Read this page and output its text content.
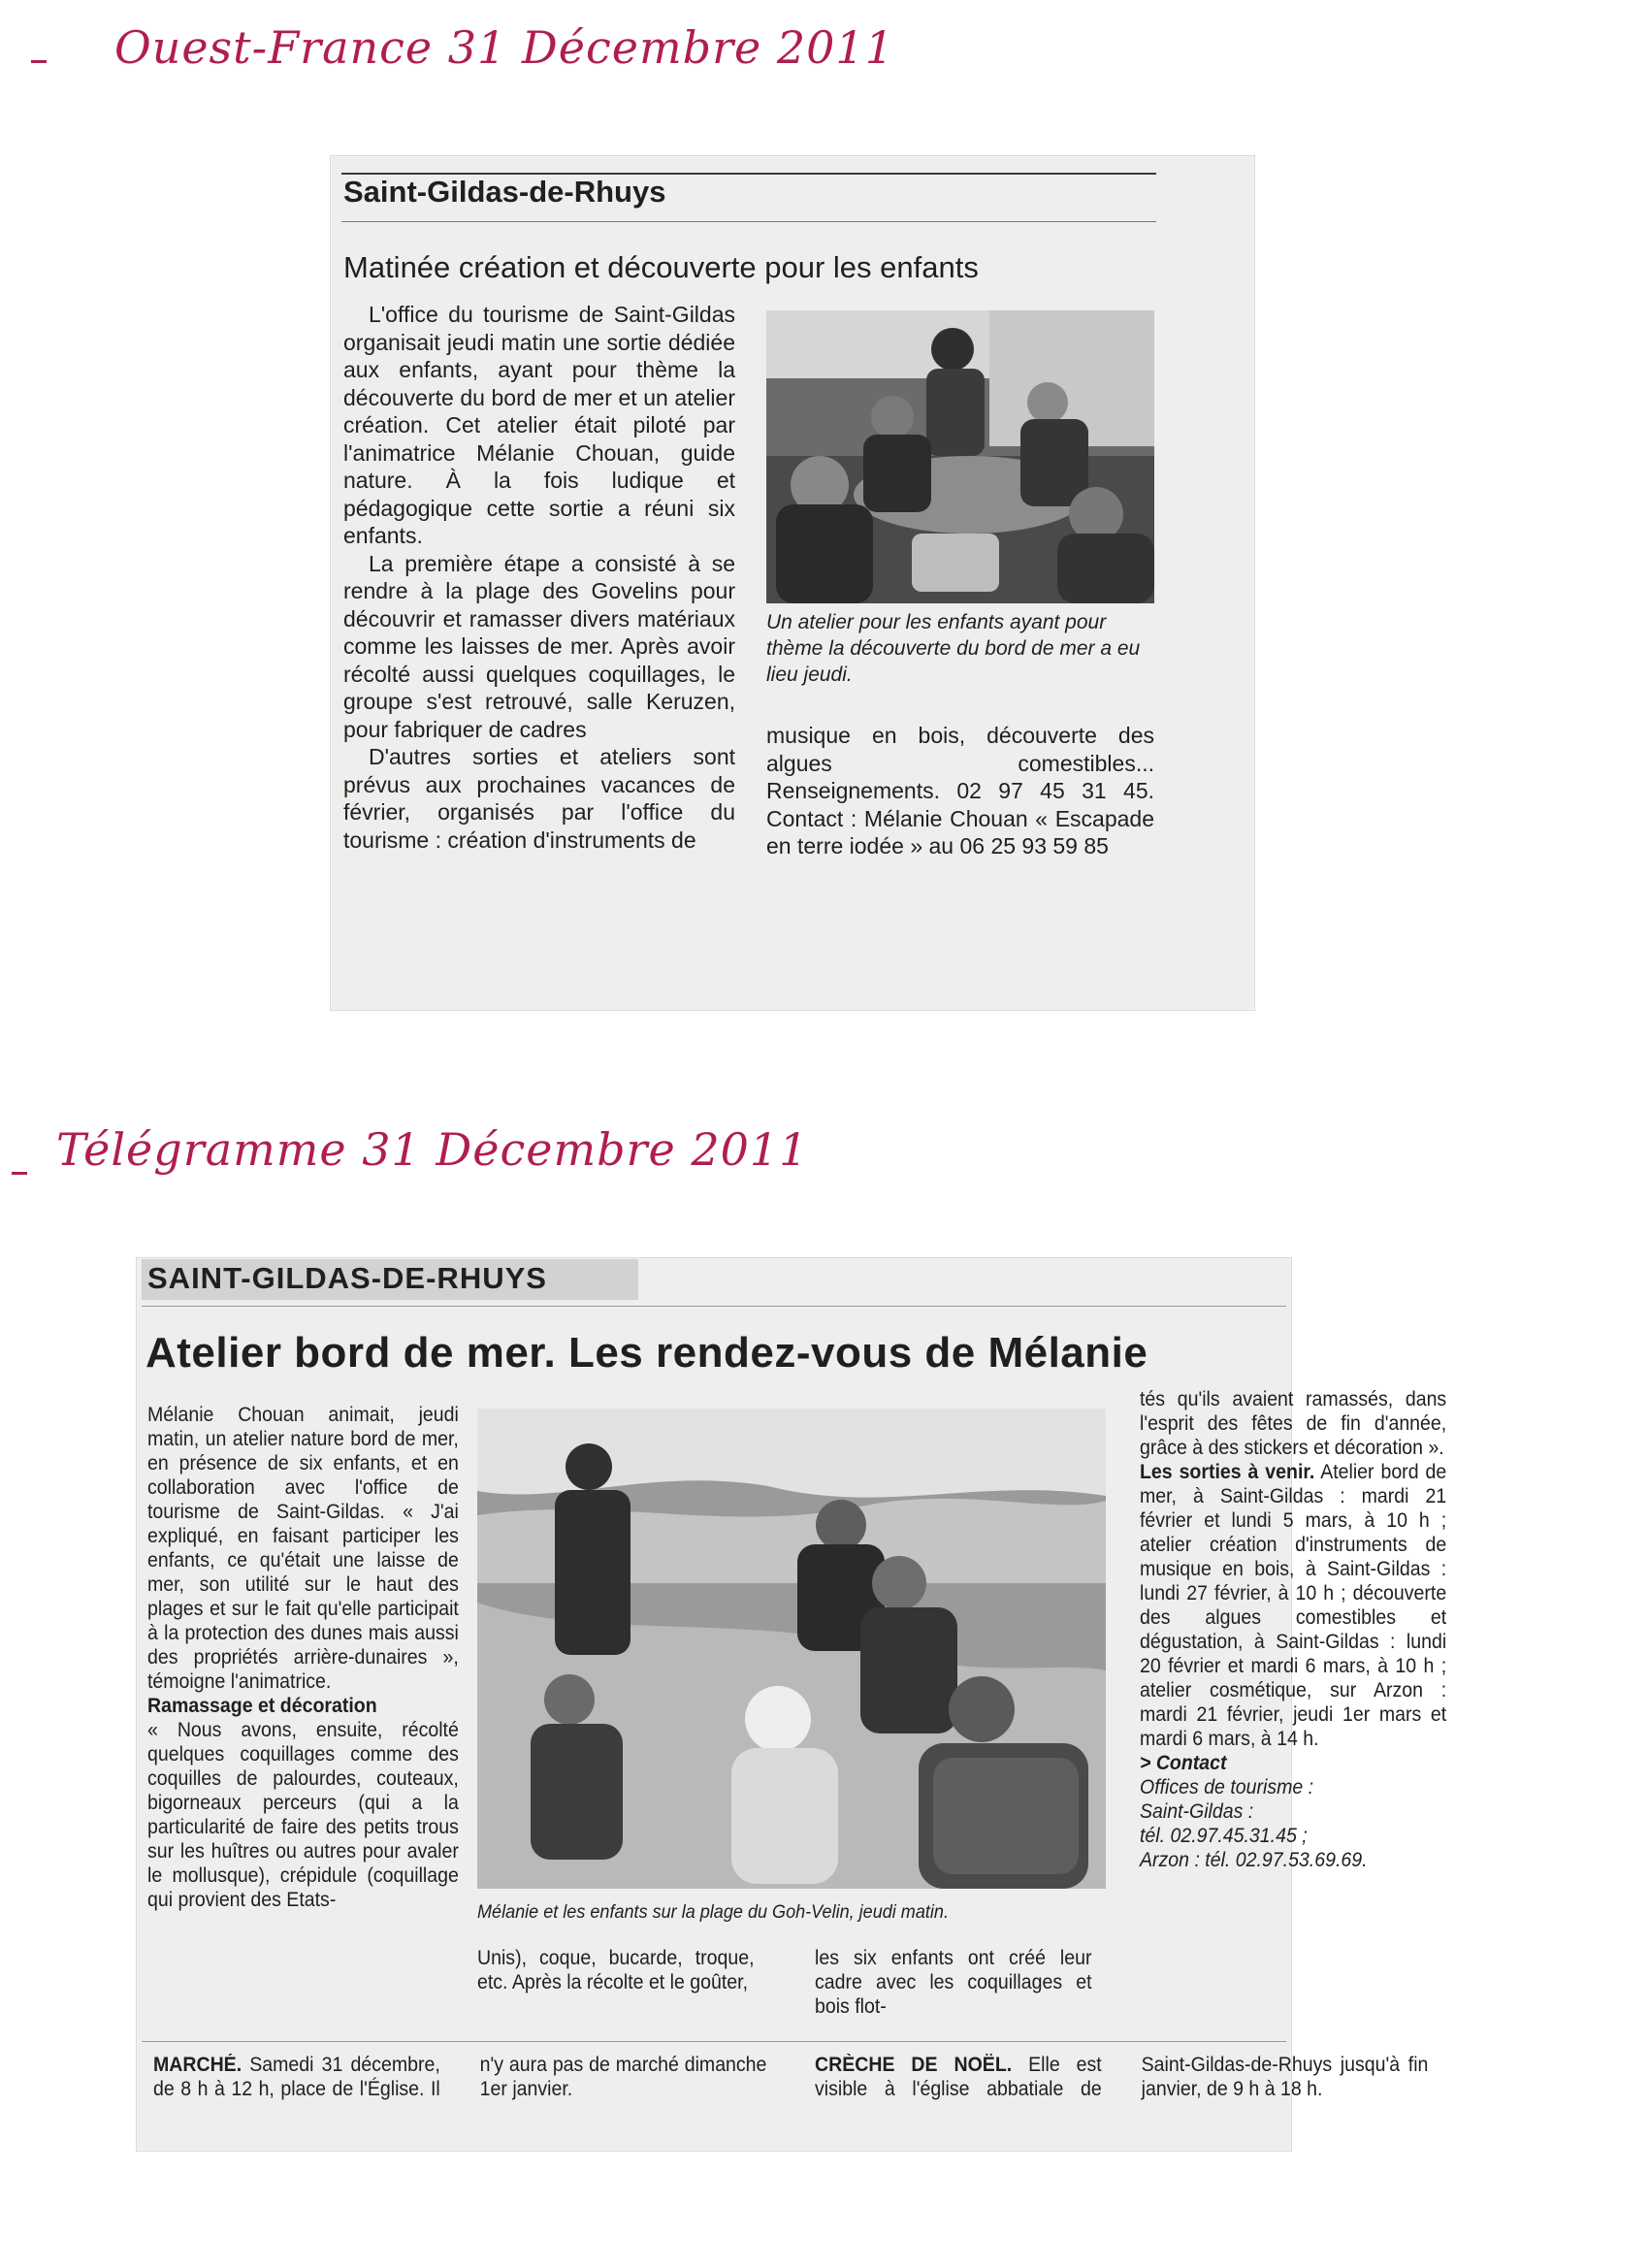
Ouest-France 31 Décembre 2011
Télégramme 31 Décembre 2011
Saint-Gildas-de-Rhuys
Matinée création et découverte pour les enfants

L'office du tourisme de Saint-Gildas organisait jeudi matin une sortie dédiée aux enfants, ayant pour thème la découverte du bord de mer et un atelier création. Cet atelier était piloté par l'animatrice Mélanie Chouan, guide nature. À la fois ludique et pédagogique cette sortie a réuni six enfants.

La première étape a consisté à se rendre à la plage des Govelins pour découvrir et ramasser divers matériaux comme les laisses de mer. Après avoir récolté aussi quelques coquillages, le groupe s'est retrouvé, salle Keruzen, pour fabriquer de cadres

D'autres sorties et ateliers sont prévus aux prochaines vacances de février, organisés par l'office du tourisme : création d'instruments de

Un atelier pour les enfants ayant pour thème la découverte du bord de mer a eu lieu jeudi.
musique en bois, découverte des algues comestibles... Renseignements. 02 97 45 31 45. Contact : Mélanie Chouan « Escapade en terre iodée » au 06 25 93 59 85
SAINT-GILDAS-DE-RHUYS
Atelier bord de mer. Les rendez-vous de Mélanie

Mélanie Chouan animait, jeudi matin, un atelier nature bord de mer, en présence de six enfants, et en collaboration avec l'office de tourisme de Saint-Gildas. « J'ai expliqué, en faisant participer les enfants, ce qu'était une laisse de mer, son utilité sur le haut des plages et sur le fait qu'elle participait à la protection des dunes mais aussi des propriétés arrière-dunaires », témoigne l'animatrice.

Ramassage et décoration

« Nous avons, ensuite, récolté quelques coquillages comme des coquilles de palourdes, couteaux, bigorneaux perceurs (qui a la particularité de faire des petits trous sur les huîtres ou autres pour avaler le mollusque), crépidule (coquillage qui provient des Etats-

Mélanie et les enfants sur la plage du Goh-Velin, jeudi matin.
Unis), coque, bucarde, troque, etc. Après la récolte et le goûter,
les six enfants ont créé leur cadre avec les coquillages et bois flot-

tés qu'ils avaient ramassés, dans l'esprit des fêtes de fin d'année, grâce à des stickers et décoration ».

Les sorties à venir. Atelier bord de mer, à Saint-Gildas : mardi 21 février et lundi 5 mars, à 10 h ; atelier création d'instruments de musique en bois, à Saint-Gildas : lundi 27 février, à 10 h ; découverte des algues comestibles et dégustation, à Saint-Gildas : lundi 20 février et mardi 6 mars, à 10 h ; atelier cosmétique, sur Arzon : mardi 21 février, jeudi 1er mars et mardi 6 mars, à 14 h.

> Contact

Offices de tourisme :

Saint-Gildas :

tél. 02.97.45.31.45 ;

Arzon : tél. 02.97.53.69.69.

MARCHÉ. Samedi 31 décembre, de 8 h à 12 h, place de l'Église. Il n'y aura pas de marché dimanche 1er janvier.
CRÈCHE DE NOËL. Elle est visible à l'église abbatiale de Saint-Gildas-de-Rhuys jusqu'à fin janvier, de 9 h à 18 h.
